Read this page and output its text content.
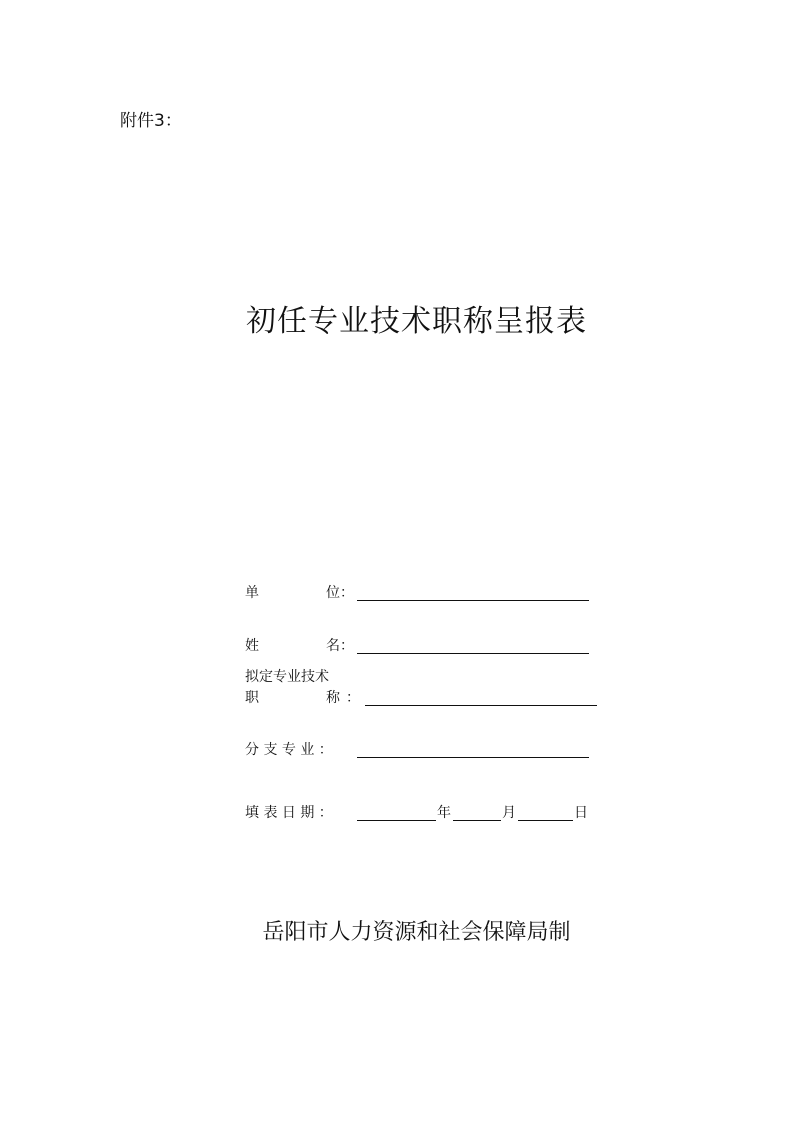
附件3：
初任专业技术职称呈报表
单	位：
姓	名：
拟定专业技术
职	称 ：
分 支 专 业 ：
填 表 日 期 ：	年	月	日
岳阳市人力资源和社会保障局制
